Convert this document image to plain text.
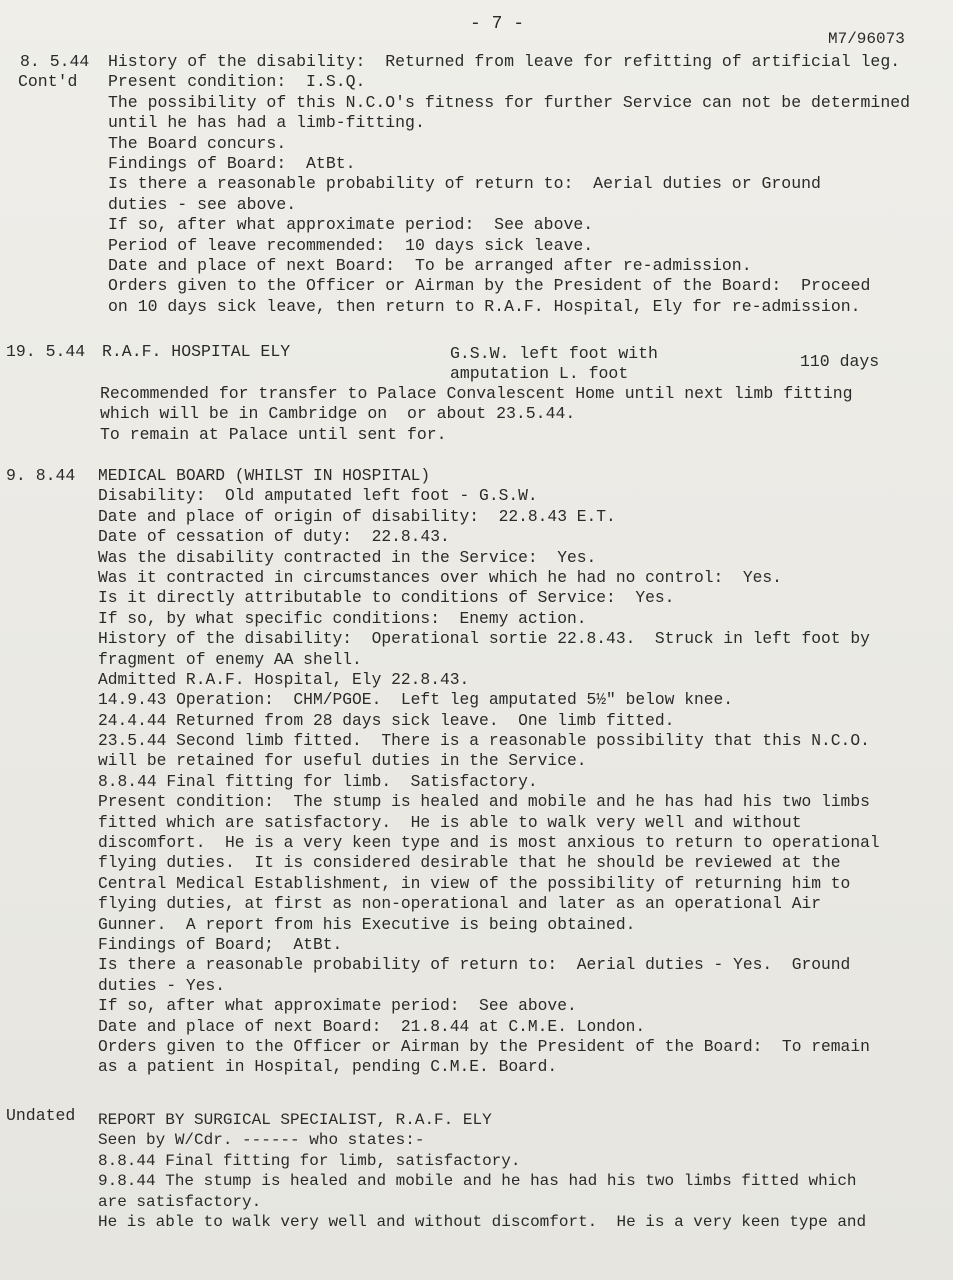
- 7 -
M7/96073
8. 5.44
Cont'd
History of the disability:  Returned from leave for refitting of artificial leg.
Present condition:  I.S.Q.
The possibility of this N.C.O's fitness for further Service can not be determined
until he has had a limb-fitting.
The Board concurs.
Findings of Board:  AtBt.
Is there a reasonable probability of return to:  Aerial duties or Ground
duties - see above.
If so, after what approximate period:  See above.
Period of leave recommended:  10 days sick leave.
Date and place of next Board:  To be arranged after re-admission.
Orders given to the Officer or Airman by the President of the Board:  Proceed
on 10 days sick leave, then return to R.A.F. Hospital, Ely for re-admission.
19. 5.44 R.A.F. HOSPITAL ELY	G.S.W. left foot with
amputation L. foot
110 days
Recommended for transfer to Palace Convalescent Home until next limb fitting
which will be in Cambridge on  or about 23.5.44.
To remain at Palace until sent for.
9. 8.44 MEDICAL BOARD (WHILST IN HOSPITAL)
Disability:  Old amputated left foot - G.S.W.
Date and place of origin of disability:  22.8.43 E.T.
Date of cessation of duty:  22.8.43.
Was the disability contracted in the Service:  Yes.
Was it contracted in circumstances over which he had no control:  Yes.
Is it directly attributable to conditions of Service:  Yes.
If so, by what specific conditions:  Enemy action.
History of the disability:  Operational sortie 22.8.43.  Struck in left foot by
fragment of enemy AA shell.
Admitted R.A.F. Hospital, Ely 22.8.43.
14.9.43 Operation:  CHM/PGOE.  Left leg amputated 5½" below knee.
24.4.44 Returned from 28 days sick leave.  One limb fitted.
23.5.44 Second limb fitted.  There is a reasonable possibility that this N.C.O.
will be retained for useful duties in the Service.
8.8.44 Final fitting for limb.  Satisfactory.
Present condition:  The stump is healed and mobile and he has had his two limbs
fitted which are satisfactory.  He is able to walk very well and without
discomfort.  He is a very keen type and is most anxious to return to operational
flying duties.  It is considered desirable that he should be reviewed at the
Central Medical Establishment, in view of the possibility of returning him to
flying duties, at first as non-operational and later as an operational Air
Gunner.  A report from his Executive is being obtained.
Findings of Board;  AtBt.
Is there a reasonable probability of return to:  Aerial duties - Yes.  Ground
duties - Yes.
If so, after what approximate period:  See above.
Date and place of next Board:  21.8.44 at C.M.E. London.
Orders given to the Officer or Airman by the President of the Board:  To remain
as a patient in Hospital, pending C.M.E. Board.
Undated REPORT BY SURGICAL SPECIALIST, R.A.F. ELY
Seen by W/Cdr. ------ who states:-
8.8.44 Final fitting for limb, satisfactory.
9.8.44 The stump is healed and mobile and he has had his two limbs fitted which
are satisfactory.
He is able to walk very well and without discomfort.  He is a very keen type and
